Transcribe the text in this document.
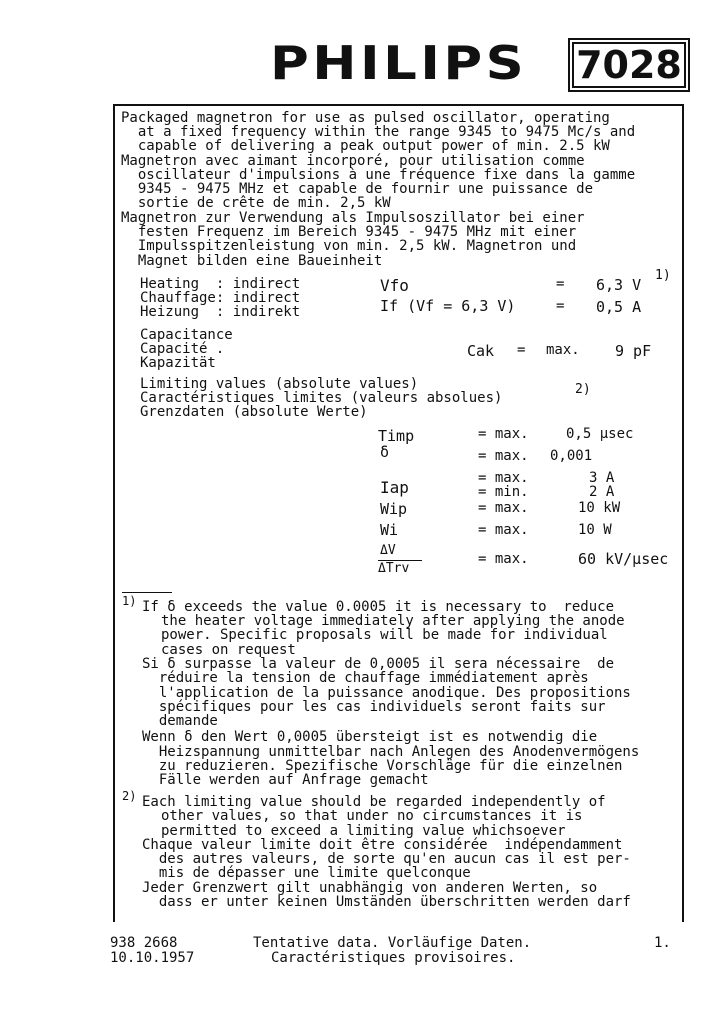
PHILIPS 7028
Packaged magnetron for use as pulsed oscillator, operating
at a fixed frequency within the range 9345 to 9475 Mc/s and
capable of delivering a peak output power of min. 2.5 kW
Magnetron avec aimant incorporé, pour utilisation comme
oscillateur d'impulsions à une fréquence fixe dans la gamme
9345 - 9475 MHz et capable de fournir une puissance de
sortie de crête de min. 2,5 kW
Magnetron zur Verwendung als Impulsoszillator bei einer
festen Frequenz im Bereich 9345 - 9475 MHz mit einer
Impulsspitzenleistung von min. 2,5 kW. Magnetron und
Magnet bilden eine Baueinheit
Heating  : indirect
Chauffage: indirect
Heizung  : indirekt
Vfo	= 6,3 V
1)
If (Vf = 6,3 V)	= 0,5 A
Capacitance
Capacité .
Kapazität
Cak = max. 9 pF
Limiting values (absolute values)
Caractéristiques limites (valeurs absolues)
2)
Grenzdaten (absolute Werte)
Timp	= max.	0,5 µsec
δ	= max. 0,001
= max.	3 A
Iap	= min.	2 A
Wip	= max.	10 kW
Wi	= max.	10 W
ΔV
ΔTrv
= max.	60 kV/µsec
1) If δ exceeds the value 0.0005 it is necessary to  reduce
the heater voltage immediately after applying the anode
power. Specific proposals will be made for individual
cases on request
Si δ surpasse la valeur de 0,0005 il sera nécessaire  de
réduire la tension de chauffage immédiatement après
l'application de la puissance anodique. Des propositions
spécifiques pour les cas individuels seront faits sur
demande
Wenn δ den Wert 0,0005 übersteigt ist es notwendig die
Heizspannung unmittelbar nach Anlegen des Anodenvermögens
zu reduzieren. Spezifische Vorschläge für die einzelnen
Fälle werden auf Anfrage gemacht
2) Each limiting value should be regarded independently of
other values, so that under no circumstances it is
permitted to exceed a limiting value whichsoever
Chaque valeur limite doit être considérée  indépendamment
des autres valeurs, de sorte qu'en aucun cas il est per-
mis de dépasser une limite quelconque
Jeder Grenzwert gilt unabhängig von anderen Werten, so
dass er unter keinen Umständen überschritten werden darf
938 2668
10.10.1957
Tentative data. Vorläufige Daten.
Caractéristiques provisoires.
1.
